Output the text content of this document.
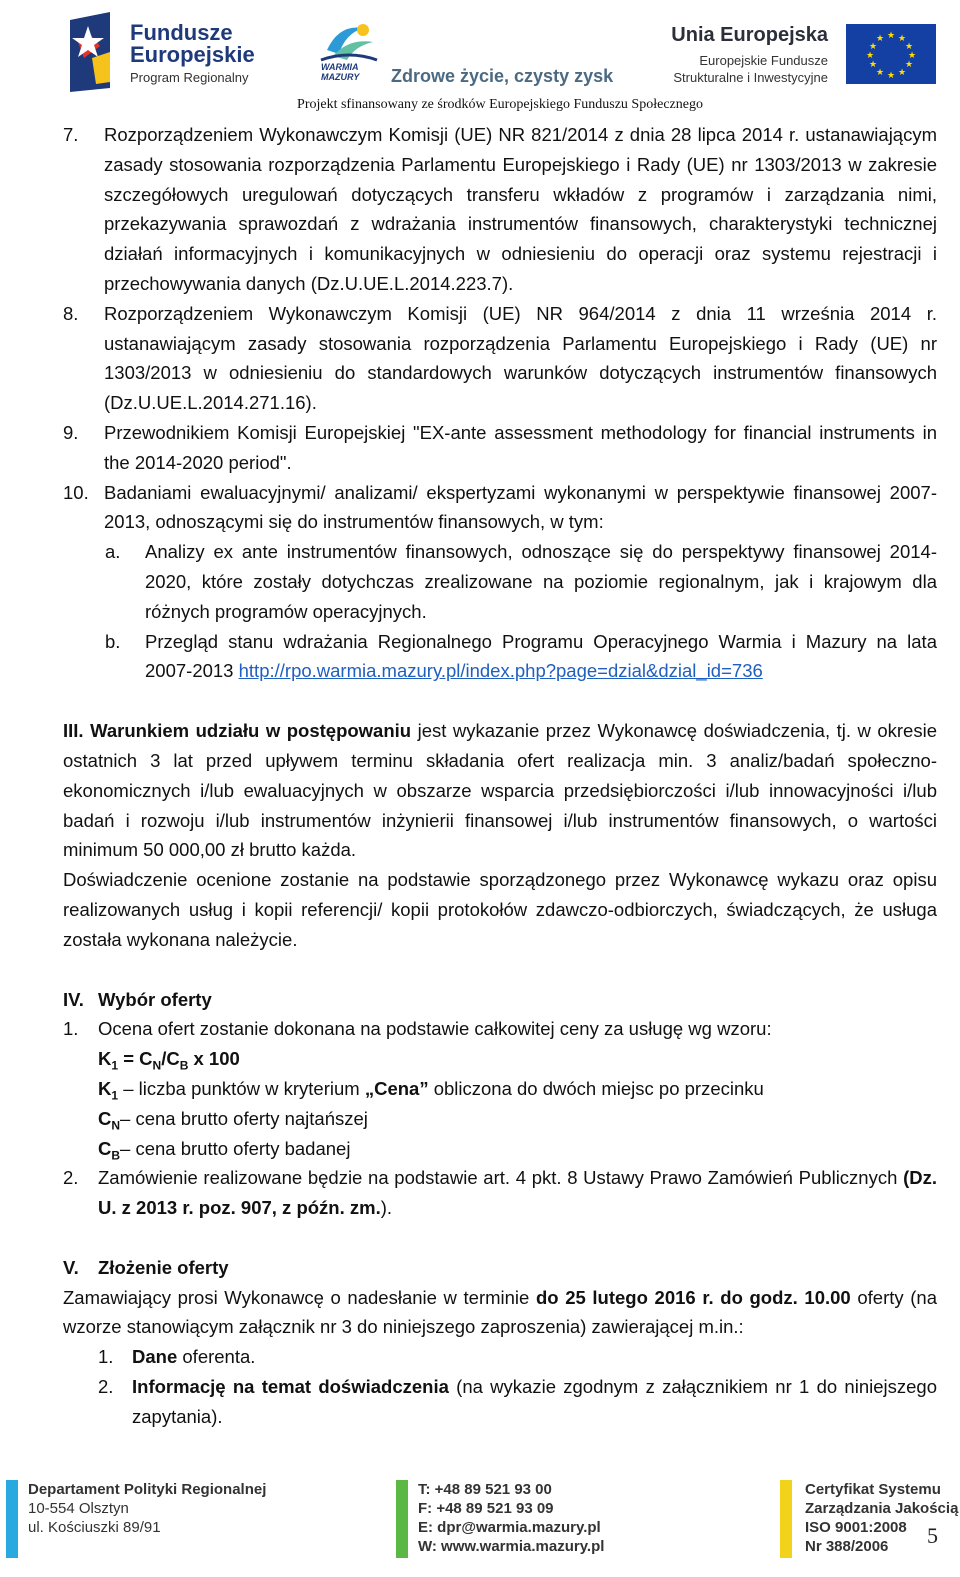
Fundusze
Europejskie
Program Regionalny
WARMIA
MAZURY	Zdrowe życie, czysty zysk
Unia Europejska
Europejskie Fundusze
Strukturalne i Inwestycyjne
★ ★
★
★
★
★
★
★
★
★
★
★
Projekt sfinansowany ze środków Europejskiego Funduszu Społecznego
7. Rozporządzeniem Wykonawczym Komisji (UE) NR 821/2014 z dnia 28 lipca 2014 r. ustanawiającym zasady stosowania rozporządzenia Parlamentu Europejskiego i Rady (UE) nr 1303/2013 w zakresie szczegółowych uregulowań dotyczących transferu wkładów z programów i zarządzania nimi, przekazywania sprawozdań z wdrażania instrumentów finansowych, charakterystyki technicznej działań informacyjnych i komunikacyjnych w odniesieniu do operacji oraz systemu rejestracji i przechowywania danych (Dz.U.UE.L.2014.223.7).
8. Rozporządzeniem Wykonawczym Komisji (UE) NR 964/2014 z dnia 11 września 2014 r. ustanawiającym zasady stosowania rozporządzenia Parlamentu Europejskiego i Rady (UE) nr 1303/2013 w odniesieniu do standardowych warunków dotyczących instrumentów finansowych (Dz.U.UE.L.2014.271.16).
9. Przewodnikiem Komisji Europejskiej "EX-ante assessment methodology for financial instruments in the 2014-2020 period".
10. Badaniami ewaluacyjnymi/ analizami/ ekspertyzami wykonanymi w perspektywie finansowej 2007-2013, odnoszącymi się do instrumentów finansowych, w tym:
a. Analizy ex ante instrumentów finansowych, odnoszące się do perspektywy finansowej 2014-2020, które zostały dotychczas zrealizowane na poziomie regionalnym, jak i krajowym dla różnych programów operacyjnych.
b. Przegląd stanu wdrażania Regionalnego Programu Operacyjnego Warmia i Mazury na lata 2007-2013 http://rpo.warmia.mazury.pl/index.php?page=dzial&dzial_id=736

III. Warunkiem udziału w postępowaniu jest wykazanie przez Wykonawcę doświadczenia, tj. w okresie ostatnich 3 lat przed upływem terminu składania ofert realizacja min. 3 analiz/badań społeczno-ekonomicznych i/lub ewaluacyjnych w obszarze wsparcia przedsiębiorczości i/lub innowacyjności i/lub badań i rozwoju i/lub instrumentów inżynierii finansowej i/lub instrumentów finansowych, o wartości minimum 50 000,00 zł brutto każda.

Doświadczenie ocenione zostanie na podstawie sporządzonego przez Wykonawcę wykazu oraz opisu realizowanych usług i kopii referencji/ kopii protokołów zdawczo-odbiorczych, świadczących, że usługa została wykonana należycie.

IV. Wybór oferty
1. Ocena ofert zostanie dokonana na podstawie całkowitej ceny za usługę wg wzoru:
$K_1 = C_N/C_B$ x 100
$K_1$ – liczba punktów w kryterium „Cena” obliczona do dwóch miejsc po przecinku
$C_N-$ cena brutto oferty najtańszej
$C_B-$ cena brutto oferty badanej
2. Zamówienie realizowane będzie na podstawie art. 4 pkt. 8 Ustawy Prawo Zamówień Publicznych (Dz. U. z 2013 r. poz. 907, z późn. zm.).
V. Złożenie oferty

Zamawiający prosi Wykonawcę o nadesłanie w terminie do 25 lutego 2016 r. do godz. 10.00 oferty (na wzorze stanowiącym załącznik nr 3 do niniejszego zaproszenia) zawierającej m.in.:

1. Dane oferenta.
2. Informację na temat doświadczenia (na wykazie zgodnym z załącznikiem nr 1 do niniejszego zapytania).
Departament Polityki Regionalnej
10-554 Olsztyn
ul. Kościuszki 89/91
T: +48 89 521 93 00
F: +48 89 521 93 09
E: dpr@warmia.mazury.pl
W: www.warmia.mazury.pl
Certyfikat Systemu
Zarządzania Jakością
ISO 9001:2008
Nr 388/2006	5
